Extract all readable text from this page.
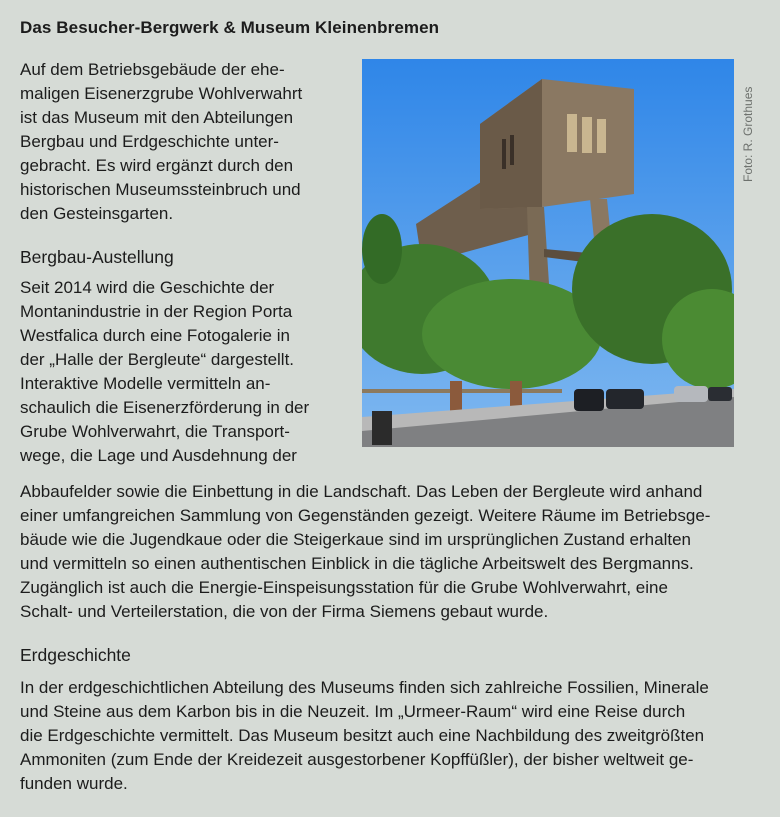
Das Besucher-Bergwerk & Museum Kleinenbremen
Auf dem Betriebsgebäude der ehe-
maligen Eisenerzgrube Wohlverwahrt
ist das Museum mit den Abteilungen
Bergbau und Erdgeschichte unter-
gebracht. Es wird ergänzt durch den
historischen Museumssteinbruch und
den Gesteinsgarten.
Bergbau-Austellung
Seit 2014 wird die Geschichte der
Montanindustrie in der Region Porta
Westfalica durch eine Fotogalerie in
der „Halle der Bergleute“ dargestellt.
Interaktive Modelle vermitteln an-
schaulich die Eisenerzförderung in der
Grube Wohlverwahrt, die Transport-
wege, die Lage und Ausdehnung der
Abbaufelder sowie die Einbettung in die Landschaft. Das Leben der Bergleute wird anhand
einer umfangreichen Sammlung von Gegenständen gezeigt. Weitere Räume im Betriebsge-
bäude wie die Jugendkaue oder die Steigerkaue sind im ursprünglichen Zustand erhalten
und vermitteln so einen authentischen Einblick in die tägliche Arbeitswelt des Bergmanns.
Zugänglich ist auch die Energie-Einspeisungsstation für die Grube Wohlverwahrt, eine
Schalt- und Verteilerstation, die von der Firma Siemens gebaut wurde.
Erdgeschichte
In der erdgeschichtlichen Abteilung des Museums finden sich zahlreiche Fossilien, Minerale
und Steine aus dem Karbon bis in die Neuzeit. Im „Urmeer-Raum“ wird eine Reise durch
die Erdgeschichte vermittelt. Das Museum besitzt auch eine Nachbildung des zweitgrößten
Ammoniten (zum Ende der Kreidezeit ausgestorbener Kopffüßler), der bisher weltweit ge-
funden wurde.
Foto: R. Grothues
